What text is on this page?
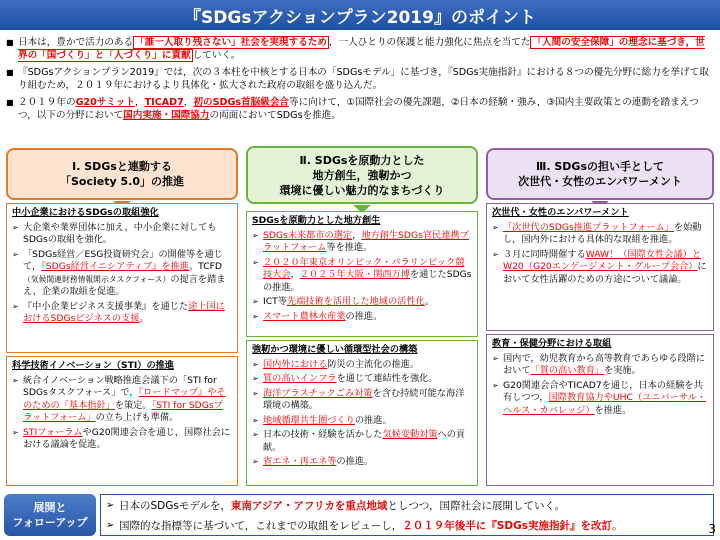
『SDGsアクションプラン2019』のポイント
■ 日本は，豊かで活力のある 「誰一人取り残さない」社会を実現するため ，一人ひとりの保護と能力強化に焦点を当てた 「人間の安全保障」の理念に基づき，世界の「国づくり」と「人づくり」に貢献 していく。
■ 『SDGsアクションプラン2019』では，次の３本柱を中核とする日本の「SDGsモデル」に基づき，『SDGs実施指針』における８つの優先分野に総力を挙げて取り組むため，２０１９年におけるより具体化・拡大された政府の取組を盛り込んだ。
■ ２０１９年のG20サミット，TICAD7，初のSDGs首脳級会合等に向けて，①国際社会の優先課題，②日本の経験・強み，③国内主要政策との連動を踏まえつつ，以下の分野において国内実施・国際協力の両面においてSDGsを推進。
Ⅰ. SDGsと連動する
「Society 5.0」の推進
Ⅱ. SDGsを原動力とした
地方創生，強靭かつ
環境に優しい魅力的なまちづくり
Ⅲ. SDGsの担い手として
次世代・女性のエンパワーメント
中小企業におけるSDGsの取組強化
➢ 大企業や業界団体に加え，中小企業に対してもSDGsの取組を強化。
➢ 「SDGs経営／ESG投資研究会」の開催等を通じて，『SDGs経営イニシアティブ』を推進。TCFD（気候関連財務情報開示タスクフォース）の提言を踏まえ，企業の取組を促進。
➢ 『中小企業ビジネス支援事業』を通じた途上国におけるSDGsビジネスの支援。
科学技術イノベーション（STI）の推進
➢ 統合イノベーション戦略推進会議下の「STI for SDGsタスクフォース」で，『ロードマップ』やそのための「基本指針」を策定。「STI for SDGsプラットフォーム」の立ち上げも準備。
➢ STIフォーラムやG20関連会合を通じ，国際社会における議論を促進。
SDGsを原動力とした地方創生
➢ SDGs未来都市の選定，地方創生SDGs官民連携プラットフォーム等を推進。
➢ ２０２０年東京オリンピック・パラリンピック競技大会，２０２５年大阪・関西万博を通じたSDGsの推進。
➢ ICT等先端技術を活用した地域の活性化。
➢ スマート農林水産業の推進。
強靭かつ環境に優しい循環型社会の構築
➢ 国内外における防災の主流化の推進。
➢ 質の高いインフラを通じて連結性を強化。
➢ 海洋プラスチックごみ対策を含む持続可能な海洋環境の構築。
➢ 地域循環共生圏づくりの推進。
➢ 日本の技術・経験を活かした気候変動対策への貢献。
➢ 省エネ・再エネ等の推進。
次世代・女性のエンパワーメント
➢ 「次世代のSDGs推進プラットフォーム」を始動し，国内外における具体的な取組を推進。
➢ ３月に同時開催するWAW！（国際女性会議）とW20（G20エンゲージメント・グループ会合）において女性活躍のための方途について議論。
教育・保健分野における取組
➢ 国内で，幼児教育から高等教育であらゆる段階において「質の高い教育」を実施。
➢ G20関連会合やTICAD7を通じ，日本の経験を共有しつつ，国際教育協力やUHC（ユニバーサル・ヘルス・カバレッジ）を推進。
展開と
フォローアップ
➢ 日本のSDGsモデルを，東南アジア・アフリカを重点地域としつつ，国際社会に展開していく。
➢ 国際的な指標等に基づいて，これまでの取組をレビューし，２０１９年後半に『SDGs実施指針』を改訂。	3
